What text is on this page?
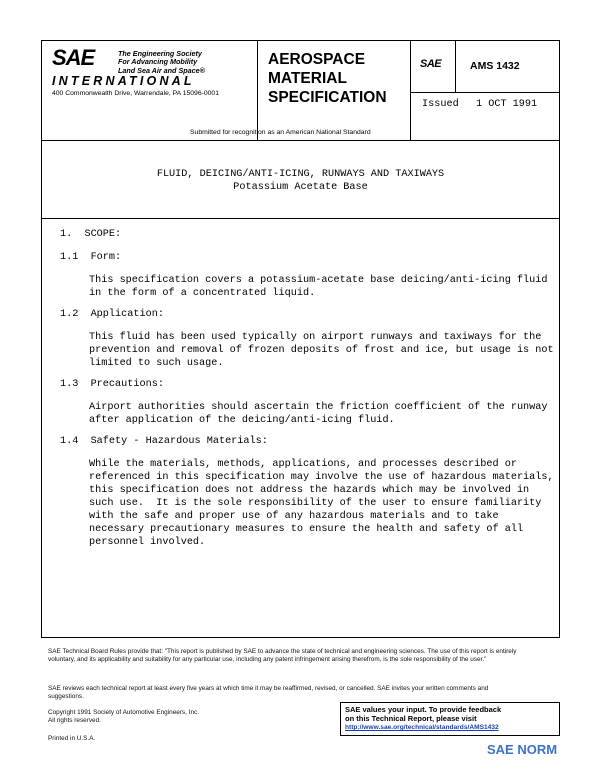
SAE	The Engineering Society
For Advancing Mobility
Land Sea Air and Space®
INTERNATIONAL
400 Commonwealth Drive, Warrendale, PA 15096-0001
AEROSPACE
MATERIAL
SPECIFICATION
SAE	AMS 1432
Issued 1 OCT 1991
Submitted for recognition as an American National Standard
FLUID, DEICING/ANTI-ICING, RUNWAYS AND TAXIWAYS
Potassium Acetate Base
1.  SCOPE:
1.1  Form:
This specification covers a potassium-acetate base deicing/anti-icing fluid
in the form of a concentrated liquid.
1.2  Application:
This fluid has been used typically on airport runways and taxiways for the
prevention and removal of frozen deposits of frost and ice, but usage is not
limited to such usage.
1.3  Precautions:
Airport authorities should ascertain the friction coefficient of the runway
after application of the deicing/anti-icing fluid.
1.4  Safety - Hazardous Materials:
While the materials, methods, applications, and processes described or
referenced in this specification may involve the use of hazardous materials,
this specification does not address the hazards which may be involved in
such use.  It is the sole responsibility of the user to ensure familiarity
with the safe and proper use of any hazardous materials and to take
necessary precautionary measures to ensure the health and safety of all
personnel involved.
SAE Technical Board Rules provide that: "This report is published by SAE to advance the state of technical and engineering sciences. The use of this report is entirely voluntary, and its applicability and suitability for any particular use, including any patent infringement arising therefrom, is the sole responsibility of the user."
SAE reviews each technical report at least every five years at which time it may be reaffirmed, revised, or cancelled. SAE invites your written comments and suggestions.
Copyright 1991 Society of Automotive Engineers, Inc.
All rights reserved.
Printed in U.S.A.
SAE values your input. To provide feedback
on this Technical Report, please visit
http://www.sae.org/technical/standards/AMS1432
SAE NORM
